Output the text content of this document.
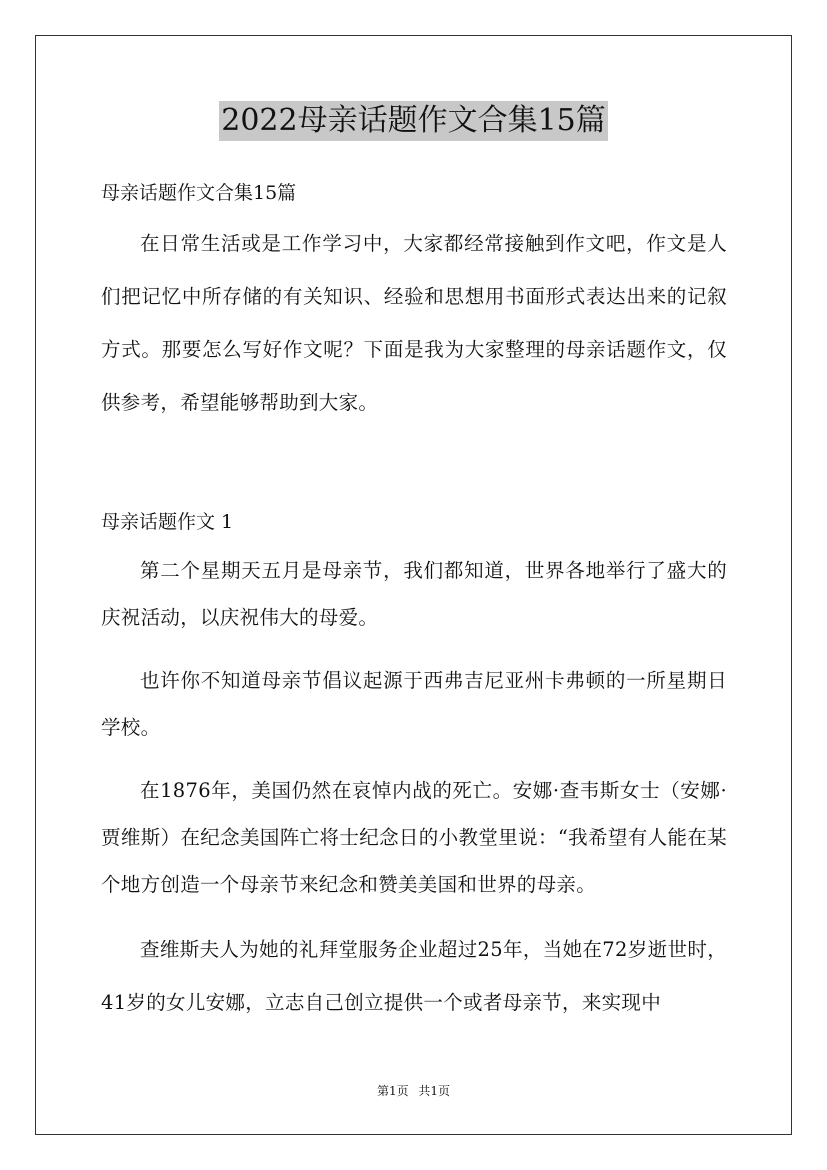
2022母亲话题作文合集15篇

母亲话题作文合集15篇

在日常生活或是工作学习中，大家都经常接触到作文吧，作文是人们把记忆中所存储的有关知识、经验和思想用书面形式表达出来的记叙方式。那要怎么写好作文呢？下面是我为大家整理的母亲话题作文，仅供参考，希望能够帮助到大家。

母亲话题作文 1

第二个星期天五月是母亲节，我们都知道，世界各地举行了盛大的庆祝活动，以庆祝伟大的母爱。

也许你不知道母亲节倡议起源于西弗吉尼亚州卡弗顿的一所星期日学校。

在1876年，美国仍然在哀悼内战的死亡。安娜·查韦斯女士（安娜·贾维斯）在纪念美国阵亡将士纪念日的小教堂里说：“我希望有人能在某个地方创造一个母亲节来纪念和赞美美国和世界的母亲。

查维斯夫人为她的礼拜堂服务企业超过25年，当她在72岁逝世时，41岁的女儿安娜，立志自己创立提供一个或者母亲节，来实现中

第1页 共1页
